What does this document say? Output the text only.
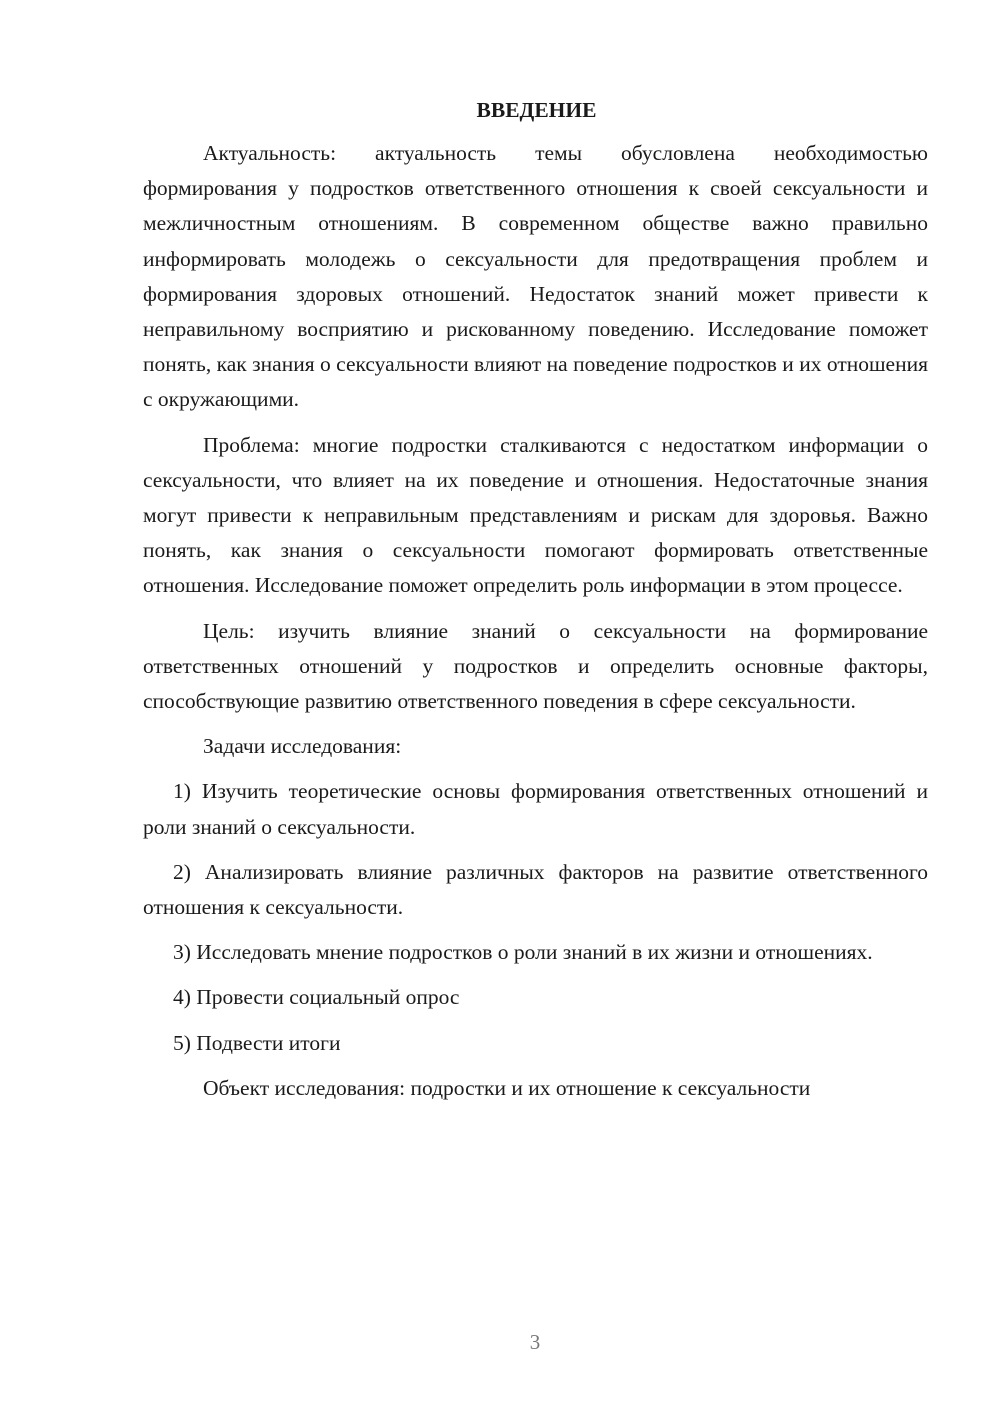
ВВЕДЕНИЕ

Актуальность: актуальность темы обусловлена необходимостью формирования у подростков ответственного отношения к своей сексуальности и межличностным отношениям. В современном обществе важно правильно информировать молодежь о сексуальности для предотвращения проблем и формирования здоровых отношений. Недостаток знаний может привести к неправильному восприятию и рискованному поведению. Исследование поможет понять, как знания о сексуальности влияют на поведение подростков и их отношения с окружающими.

Проблема: многие подростки сталкиваются с недостатком информации о сексуальности, что влияет на их поведение и отношения. Недостаточные знания могут привести к неправильным представлениям и рискам для здоровья. Важно понять, как знания о сексуальности помогают формировать ответственные отношения. Исследование поможет определить роль информации в этом процессе.

Цель: изучить влияние знаний о сексуальности на формирование ответственных отношений у подростков и определить основные факторы, способствующие развитию ответственного поведения в сфере сексуальности.

Задачи исследования:

1) Изучить теоретические основы формирования ответственных отношений и роли знаний о сексуальности.

2) Анализировать влияние различных факторов на развитие ответственного отношения к сексуальности.

3) Исследовать мнение подростков о роли знаний в их жизни и отношениях.

4) Провести социальный опрос

5) Подвести итоги

Объект исследования: подростки и их отношение к сексуальности

3
